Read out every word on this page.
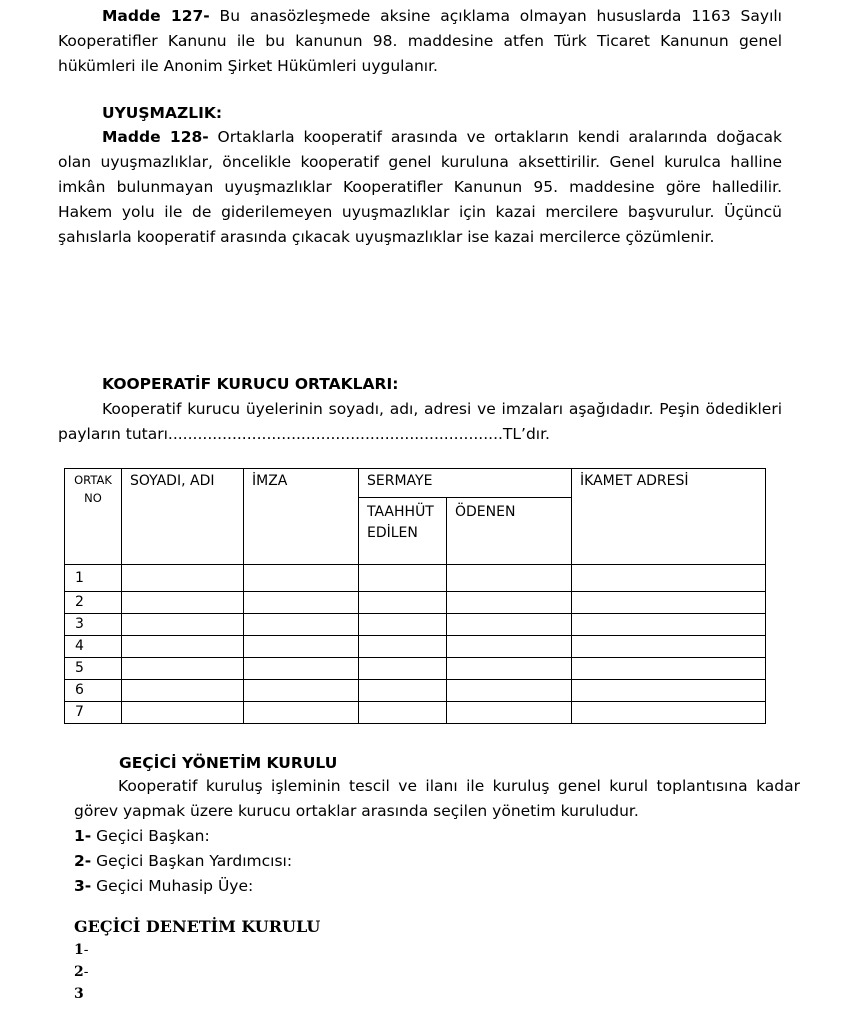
Madde 127- Bu anasözleşmede aksine açıklama olmayan hususlarda 1163 Sayılı Kooperatifler Kanunu ile bu kanunun 98. maddesine atfen Türk Ticaret Kanunun genel hükümleri ile Anonim Şirket Hükümleri uygulanır.
UYUŞMAZLIK:
Madde 128- Ortaklarla kooperatif arasında ve ortakların kendi aralarında doğacak olan uyuşmazlıklar, öncelikle kooperatif genel kuruluna aksettirilir. Genel kurulca halline imkân bulunmayan uyuşmazlıklar Kooperatifler Kanunun 95. maddesine göre halledilir. Hakem yolu ile de giderilemeyen uyuşmazlıklar için kazai mercilere başvurulur. Üçüncü şahıslarla kooperatif arasında çıkacak uyuşmazlıklar ise kazai mercilerce çözümlenir.
KOOPERATİF KURUCU ORTAKLARI:
Kooperatif kurucu üyelerinin soyadı, adı, adresi ve imzaları aşağıdadır. Peşin ödedikleri payların tutarı....................................................................TL’dır.
ORTAK NO	SOYADI, ADI	İMZA	SERMAYE		İKAMET ADRESİ
			TAAHHÜT EDİLEN	ÖDENEN	
1					
2					
3					
4					
5					
6					
7					
GEÇİCİ YÖNETİM KURULU
Kooperatif kuruluş işleminin tescil ve ilanı ile kuruluş genel kurul toplantısına kadar görev yapmak üzere kurucu ortaklar arasında seçilen yönetim kuruludur.
1- Geçici Başkan:
2- Geçici Başkan Yardımcısı:
3- Geçici Muhasip Üye:
GEÇİCİ DENETİM KURULU
1-
2-
3
